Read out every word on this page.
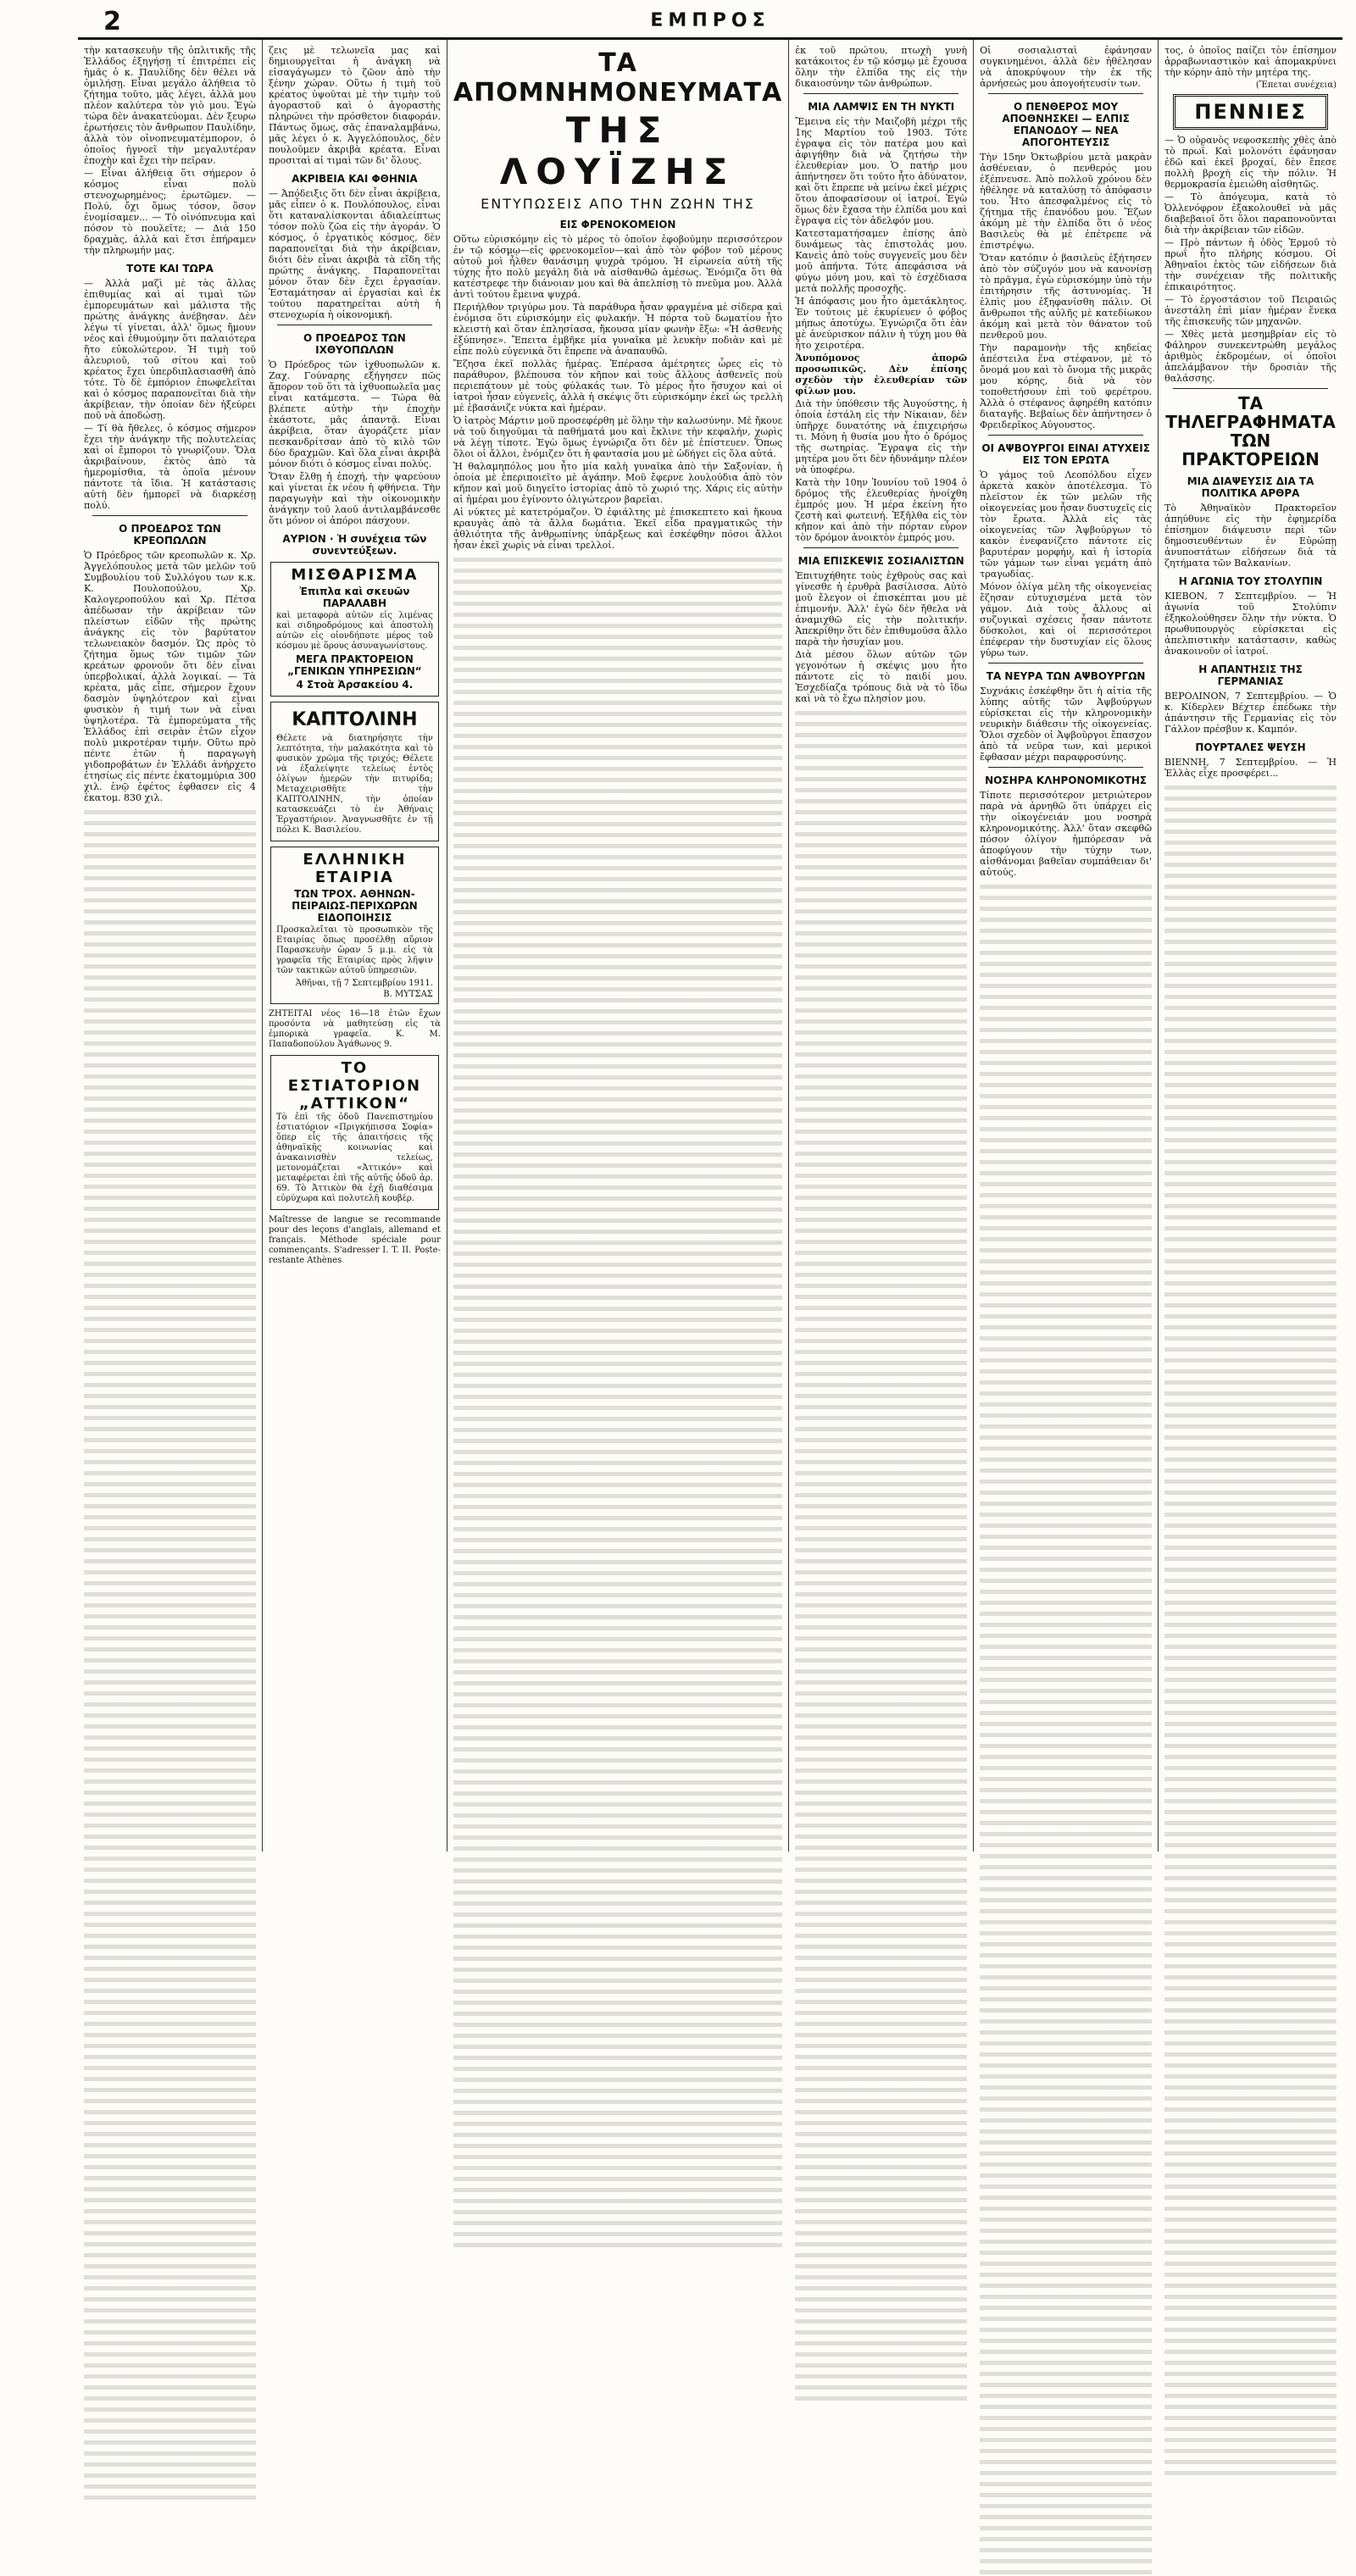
2	ΕΜΠΡΟΣ

τὴν κατασκευὴν τῆς ὁπλιτικῆς τῆς Ἑλλάδος ἐξηγήσῃ τί ἐπιτρέπει εἰς ἡμᾶς ὁ κ. Παυλίδης δὲν θέλει νὰ ὁμιλήσῃ. Εἶναι μεγάλο ἀλήθεια τὸ ζήτημα τοῦτο, μᾶς λέγει, ἀλλὰ μου πλέον καλύτερα τὸν γιὸ μου. Ἐγὼ τώρα δὲν ἀνακατεύομαι. Δὲν ξευρω ἐρωτήσεις τὸν ἄνθρωπον Παυλίδην, ἀλλὰ τὸν οἰνοπνευματέμπορον, ὁ ὁποῖος ἠγνοεῖ τὴν μεγαλυτέραν ἐποχὴν καὶ ἔχει τὴν πεῖραν.

— Εἶναι ἀλήθεια ὅτι σήμερον ὁ κόσμος εἶναι πολὺ στενοχωρημένος; ἐρωτῶμεν. — Πολύ, ὄχι ὅμως τόσον, ὅσον ἐνομίσαμεν... — Τὸ οἰνόπνευμα καὶ πόσον τὸ πουλεῖτε; — Διὰ 150 δραχμὰς, ἀλλὰ καὶ ἔτσι ἐπήραμεν τὴν πληρωμήν μας.

ΤΟΤΕ ΚΑΙ ΤΩΡΑ

— Ἀλλὰ μαζὶ μὲ τὰς ἄλλας ἐπιθυμίας καὶ αἱ τιμαὶ τῶν ἐμπορευμάτων καὶ μάλιστα τῆς πρώτης ἀνάγκης ἀνέβησαν. Δὲν λέγω τί γίνεται, ἀλλ' ὅμως ἤμουν νέος καὶ ἐθυμούμην ὅτι παλαιότερα ἤτο εὐκολώτερον. Ἡ τιμὴ τοῦ ἀλευριοῦ, τοῦ σίτου καὶ τοῦ κρέατος ἔχει ὑπερδιπλασιασθῆ ἀπὸ τότε. Τὸ δὲ ἐμπόριον ἐπωφελεῖται καὶ ὁ κόσμος παραπονεῖται διὰ τὴν ἀκρίβειαν, τὴν ὁποίαν δὲν ἠξεύρει ποῦ νὰ ἀποδώσῃ.

— Τί θὰ ἤθελες, ὁ κόσμος σήμερον ἔχει τὴν ἀνάγκην τῆς πολυτελείας καὶ οἱ ἔμποροι τὸ γνωρίζουν. Ὅλα ἀκριβαίνουν, ἐκτὸς ἀπὸ τὰ ἡμερομίσθια, τὰ ὁποῖα μένουν πάντοτε τὰ ἴδια. Ἡ κατάστασις αὐτὴ δὲν ἠμπορεῖ νὰ διαρκέσῃ πολύ.

Ο ΠΡΟΕΔΡΟΣ ΤΩΝ ΚΡΕΟΠΩΛΩΝ

Ὁ Πρόεδρος τῶν κρεοπωλῶν κ. Χρ. Ἀγγελόπουλος μετὰ τῶν μελῶν τοῦ Συμβουλίου τοῦ Συλλόγου των κ.κ. Κ. Πουλοπούλου, Χρ. Καλογεροπούλου καὶ Χρ. Πέτσα ἀπέδωσαν τὴν ἀκρίβειαν τῶν πλείστων εἰδῶν τῆς πρώτης ἀνάγκης εἰς τὸν βαρύτατον τελωνειακὸν δασμόν. Ὡς πρὸς τὸ ζήτημα ὅμως τῶν τιμῶν τῶν κρεάτων φρονοῦν ὅτι δὲν εἶναι ὑπερβολικαί, ἀλλὰ λογικαί. — Τὰ κρέατα, μᾶς εἶπε, σήμερον ἔχουν δασμὸν ὑψηλότερον καὶ εἶναι φυσικὸν ἡ τιμή των νὰ εἶναι ὑψηλοτέρα. Τὰ ἐμπορεύματα τῆς Ἑλλάδος ἐπὶ σειρὰν ἐτῶν εἶχον πολὺ μικροτέραν τιμήν. Οὕτω πρὸ πέντε ἐτῶν ἡ παραγωγὴ γιδοπροβάτων ἐν Ἑλλάδι ἀνήρχετο ἐτησίως εἰς πέντε ἑκατομμύρια 300 χιλ. ἐνῷ ἐφέτος ἐφθασεν εἰς 4 ἑκατομ. 830 χιλ.

ζεις μὲ τελωνεῖα μας καὶ δημιουργεῖται ἡ ἀνάγκη νὰ εἰσαγάγωμεν τὸ ζῶον ἀπὸ τὴν ξένην χώραν. Οὕτω ἡ τιμὴ τοῦ κρέατος ὑψοῦται μὲ τὴν τιμὴν τοῦ ἀγοραστοῦ καὶ ὁ ἀγοραστὴς πληρώνει τὴν πρόσθετον διαφοράν. Πάντως ὅμως, σᾶς ἐπαναλαμβάνω, μᾶς λέγει ὁ κ. Ἀγγελόπουλος, δὲν πουλοῦμεν ἀκριβὰ κρέατα. Εἶναι προσιταὶ αἱ τιμαὶ τῶν δι' ὅλους.

ΑΚΡΙΒΕΙΑ ΚΑΙ ΦΘΗΝΙΑ

— Ἀπόδειξις ὅτι δὲν εἶναι ἀκρίβεια, μᾶς εἶπεν ὁ κ. Πουλόπουλος, εἶναι ὅτι καταναλίσκονται ἀδιαλείπτως τόσον πολὺ ζῶα εἰς τὴν ἀγοράν. Ὁ κόσμος, ὁ ἐργατικὸς κόσμος, δὲν παραπονεῖται διὰ τὴν ἀκρίβειαν, διότι δὲν εἶναι ἀκριβὰ τὰ εἴδη τῆς πρώτης ἀνάγκης. Παραπονεῖται μόνον ὅταν δὲν ἔχει ἐργασίαν. Ἐσταμάτησαν αἱ ἐργασίαι καὶ ἐκ τούτου παρατηρεῖται αὐτὴ ἡ στενοχωρία ἡ οἰκονομική.

Ο ΠΡΟΕΔΡΟΣ ΤΩΝ ΙΧΘΥΟΠΩΛΩΝ

Ὁ Πρόεδρος τῶν ἰχθυοπωλῶν κ. Ζαχ. Γούναρης εξήγησεν πῶς ἄπορον τοῦ ὅτι τὰ ἰχθυοπωλεῖα μας εἶναι κατάμεστα. — Τώρα θὰ βλέπετε αὐτὴν τὴν ἐποχὴν ἐκάστοτε, μᾶς ἀπαντᾷ. Εἶναι ἀκρίβεια, ὅταν ἀγοράζετε μίαν πεσκανδρίτσαν ἀπὸ τὸ κιλὸ τῶν δύο δραχμῶν. Καὶ ὅλα εἶναι ἀκριβὰ μόνον διότι ὁ κόσμος εἶναι πολύς.

Ὅταν ἔλθῃ ἡ ἐποχή, τὴν ψαρεύουν καὶ γίνεται ἐκ νέου ἡ φθήνεια. Τὴν παραγωγὴν καὶ τὴν οἰκονομικὴν ἀνάγκην τοῦ λαοῦ ἀντιλαμβάνεσθε ὅτι μόνον οἱ ἀπόροι πάσχουν.

ΑΥΡΙΟΝ · Ἡ συνέχεια τῶν συνεντεύξεων.
ΜΙΣΘΑΡΙΣΜΑ
Ἐπιπλα καὶ σκευῶν ΠΑΡΑΛΑΒΗ

καὶ μεταφορὰ αὐτῶν εἰς λιμένας καὶ σιδηροδρόμους καὶ ἀποστολὴ αὐτῶν εἰς οἱονδήποτε μέρος τοῦ κόσμου μὲ ὅρους ἀσυναγωνίστους.

ΜΕΓΑ ΠΡΑΚΤΟΡΕΙΟΝ „ΓΕΝΙΚΩΝ ΥΠΗΡΕΣΙΩΝ“
4 Στοὰ Ἀρσακείου 4.
ΚΑΠΤΟΛΙΝΗ

Θέλετε νὰ διατηρήσητε τὴν λεπτότητα, τὴν μαλακότητα καὶ τὸ φυσικὸν χρῶμα τῆς τριχός; Θέλετε νὰ ἐξαλείψητε τελείως ἐντὸς ὀλίγων ἡμερῶν τὴν πιτυρίδα; Μεταχειρισθῆτε τὴν ΚΑΠΤΟΛΙΝΗΝ, τὴν ὁποίαν κατασκευάζει τὸ ἐν Ἀθήναις Ἐργαστήριον. Ἀναγνωσθῆτε ἐν τῇ πόλει Κ. Βασιλείου.

ΕΛΛΗΝΙΚΗ ΕΤΑΙΡΙΑ
ΤΩΝ ΤΡΟΧ. ΑΘΗΝΩΝ-ΠΕΙΡΑΙΩΣ-ΠΕΡΙΧΩΡΩΝ ΕΙΔΟΠΟΙΗΣΙΣ

Προσκαλεῖται τὸ προσωπικὸν τῆς Εταιρίας ὅπως προσέλθῃ αὔριον Παρασκευὴν ὥραν 5 μ.μ. εἰς τὰ γραφεῖα τῆς Εταιρίας πρὸς λῆψιν τῶν τακτικῶν αὐτοῦ ὑπηρεσιῶν.

Ἀθῆναι, τῇ 7 Σεπτεμβρίου 1911.
Β. ΜΥΤΣΑΣ

ΖΗΤΕΙΤΑΙ νέος 16—18 ἐτῶν ἔχων προσόντα νὰ μαθητεύσῃ εἰς τὰ ἐμπορικὰ γραφεῖα. Κ. Μ. Παπαδοπούλου Ἀγάθωνος 9.

ΤΟ ΕΣΤΙΑΤΟΡΙΟΝ „ΑΤΤΙΚΟΝ“

Τὸ ἐπὶ τῆς ὁδοῦ Πανεπιστημίου ἑστιατόριον «Πριγκήπισσα Σοφία» ὅπερ εἶς τῆς ἀπαιτήσεις τῆς ἀθηναϊκῆς κοινωνίας καὶ ἀνακαινισθὲν τελείως, μετονομάζεται «Ἀττικόν» καὶ μεταφέρεται ἐπὶ τῆς αὐτῆς ὁδοῦ ἀρ. 69. Τὸ Ἀττικὸν θὰ ἐχῇ διαθέσιμα εὐρύχωρα καὶ πολυτελῆ κουβέρ.

Maîtresse de langue se recommande pour des leçons d'anglais, allemand et français. Méthode spéciale pour commençants. S'adresser I. T. II. Poste-restante Athènes

ΤΑ ΑΠΟΜΝΗΜΟΝΕΥΜΑΤΑ
ΤΗΣ ΛΟΥΪΖΗΣ
ΕΝΤΥΠΩΣΕΙΣ ΑΠΟ ΤΗΝ ΖΩΗΝ ΤΗΣ
ΕΙΣ ΦΡΕΝΟΚΟΜΕΙΟΝ

Οὕτω εὑρισκόμην εἰς τὸ μέρος τὸ ὁποῖον ἐφοβούμην περισσότερον ἐν τῷ κόσμῳ—εἰς φρενοκομεῖον—καὶ ἀπὸ τὸν φόβον τοῦ μέρους αὐτοῦ μοὶ ἦλθεν θανάσιμη ψυχρὰ τρόμου. Ἡ εἰρωνεία αὐτὴ τῆς τύχης ἦτο πολὺ μεγάλη διὰ νὰ αἰσθανθῶ ἀμέσως. Ἐνόμιζα ὅτι θὰ κατέστρεφε τὴν διάνοιαν μου καὶ θὰ ἀπελπίσῃ τὸ πνεῦμα μου. Ἀλλὰ ἀντὶ τούτου ἔμεινα ψυχρά.

Περιήλθον τριγύρω μου. Τὰ παράθυρα ἦσαν φραγμένα μὲ σίδερα καὶ ἐνόμισα ὅτι εὑρισκόμην εἰς φυλακήν. Ἡ πόρτα τοῦ δωματίου ἦτο κλειστὴ καὶ ὅταν ἐπλησίασα, ἤκουσα μίαν φωνὴν ἔξω: «Ἡ ἀσθενὴς ἐξύπνησε». Ἔπειτα ἐμβῆκε μία γυναῖκα μὲ λευκὴν ποδιὰν καὶ μὲ εἶπε πολὺ εὐγενικὰ ὅτι ἔπρεπε νὰ ἀναπαυθῶ.

Ἔζησα ἐκεῖ πολλὰς ἡμέρας. Ἐπέρασα ἀμέτρητες ὧρες εἰς τὸ παράθυρον, βλέπουσα τὸν κῆπον καὶ τοὺς ἄλλους ἀσθενεῖς ποὺ περιεπάτουν μὲ τοὺς φύλακάς των. Τὸ μέρος ἦτο ἥσυχον καὶ οἱ ἰατροὶ ἦσαν εὐγενεῖς, ἀλλὰ ἡ σκέψις ὅτι εὑρισκόμην ἐκεῖ ὡς τρελλὴ μὲ ἐβασάνιζε νύκτα καὶ ἡμέραν.

Ὁ ἰατρὸς Μάρτιν μοῦ προσεφέρθη μὲ ὅλην τὴν καλωσύνην. Μὲ ἤκουε νὰ τοῦ διηγοῦμαι τὰ παθήματά μου καὶ ἔκλινε τὴν κεφαλήν, χωρὶς νὰ λέγῃ τίποτε. Ἐγὼ ὅμως ἐγνώριζα ὅτι δὲν μὲ ἐπίστευεν. Ὅπως ὅλοι οἱ ἄλλοι, ἐνόμιζεν ὅτι ἡ φαντασία μου μὲ ὡδήγει εἰς ὅλα αὐτά.

Ἡ θαλαμηπόλος μου ἦτο μία καλὴ γυναῖκα ἀπὸ τὴν Σαξονίαν, ἡ ὁποία μὲ ἐπεριποιεῖτο μὲ ἀγάπην. Μοῦ ἔφερνε λουλούδια ἀπὸ τὸν κῆπον καὶ μοῦ διηγεῖτο ἱστορίας ἀπὸ τὸ χωριό της. Χάρις εἰς αὐτὴν αἱ ἡμέραι μου ἐγίνοντο ὀλιγώτερον βαρεῖαι.

Αἱ νύκτες μὲ κατετρόμαζον. Ὁ ἐφιάλτης μὲ ἐπισκεπτετο καὶ ἤκουα κραυγὰς ἀπὸ τὰ ἄλλα δωμάτια. Ἐκεῖ εἶδα πραγματικῶς τὴν ἀθλιότητα τῆς ἀνθρωπίνης ὑπάρξεως καὶ ἐσκέφθην πόσοι ἄλλοι ἦσαν ἐκεῖ χωρὶς νὰ εἶναι τρελλοί.

ἐκ τοῦ πρώτου, πτωχὴ γυνὴ κατάκοιτος ἐν τῷ κόσμῳ μὲ ἔχουσα ὅλην τὴν ἐλπίδα της εἰς τὴν δικαιοσύνην τῶν ἀνθρώπων.

ΜΙΑ ΛΑΜΨΙΣ ΕΝ ΤΗ ΝΥΚΤΙ

Ἔμεινα εἰς τὴν Μαιζοβὴ μέχρι τῆς 1ης Μαρτίου τοῦ 1903. Τότε ἐγραψα εἰς τὸν πατέρα μου καὶ ἀφιγήθην διὰ νὰ ζητήσω τὴν ἐλευθερίαν μου. Ὁ πατήρ μου ἀπήντησεν ὅτι τοῦτο ἦτο ἀδύνατον, καὶ ὅτι ἔπρεπε νὰ μείνω ἐκεῖ μέχρις ὅτου ἀποφασίσουν οἱ ἰατροί. Ἐγὼ ὅμως δὲν ἔχασα τὴν ἐλπίδα μου καὶ ἔγραψα εἰς τὸν ἀδελφόν μου.

Κατεσταματήσαμεν ἐπίσης ἀπὸ δυνάμεως τὰς ἐπιστολάς μου. Κανεὶς ἀπὸ τοὺς συγγενεῖς μου δὲν μοῦ ἀπήντα. Τότε ἀπεφάσισα νὰ φύγω μόνη μου, καὶ τὸ ἐσχέδιασα μετὰ πολλῆς προσοχῆς.

Ἡ ἀπόφασις μου ἦτο ἀμετάκλητος. Ἐν τούτοις μὲ ἐκυρίευεν ὁ φόβος μήπως ἀποτύχω. Ἐγνώριζα ὅτι ἐὰν μὲ ἀνεύρισκον πάλιν ἡ τύχη μου θὰ ἦτο χειροτέρα.

Ἀνυπόμονος ἀπορῶ προσωπικῶς. Δὲν ἐπίσης σχεδὸν τὴν ἐλευθερίαν τῶν φίλων μου.

Διὰ τὴν ὑπόθεσιν τῆς Ἀυγούστης, ἡ ὁποία ἐστάλη εἰς τὴν Νίκαιαν, δὲν ὑπῆρχε δυνατότης νὰ ἐπιχειρήσω τι. Μόνη ἡ θυσία μου ἦτο ὁ δρόμος τῆς σωτηρίας. Ἔγραψα εἰς τὴν μητέρα μου ὅτι δὲν ἠδυνάμην πλέον νὰ ὑποφέρω.

Κατὰ τὴν 10ην Ἰουνίου τοῦ 1904 ὁ δρόμος τῆς ἐλευθερίας ἠνοίχθη ἐμπρός μου. Ἡ μέρα ἐκείνη ἦτο ζεστὴ καὶ φωτεινή. Ἐξῆλθα εἰς τὸν κῆπον καὶ ἀπὸ τὴν πόρταν εὗρον τὸν δρόμον ἀνοικτὸν ἐμπρός μου.

ΜΙΑ ΕΠΙΣΚΕΨΙΣ ΣΟΣΙΑΛΙΣΤΩΝ

Ἐπιτυχήθητε τοὺς ἐχθροὺς σας καὶ γίνεσθε ἡ ἐρυθρὰ βασίλισσα. Αὐτὸ μοῦ ἔλεγον οἱ ἐπισκέπται μου μὲ ἐπιμονήν. Ἀλλ' ἐγὼ δὲν ἤθελα νὰ ἀναμιχθῶ εἰς τὴν πολιτικήν. Ἀπεκρίθην ὅτι δὲν ἐπιθυμοῦσα ἄλλο παρὰ τὴν ἡσυχίαν μου.

Διὰ μέσου ὅλων αὐτῶν τῶν γεγονότων ἡ σκέψις μου ἦτο πάντοτε εἰς τὸ παιδί μου. Ἐσχεδίαζα τρόπους διὰ νὰ τὸ ἴδω καὶ νὰ τὸ ἔχω πλησίον μου.

Οἱ σοσιαλισταὶ ἐφάνησαν συγκινημένοι, ἀλλὰ δὲν ἠθέλησαν νὰ ἀποκρύψουν τὴν ἐκ τῆς ἀρνήσεώς μου ἀπογοήτευσίν των.

Ο ΠΕΝΘΕΡΟΣ ΜΟΥ ΑΠΟΘΝΗΣΚΕΙ — ΕΛΠΙΣ ΕΠΑΝΟΔΟΥ — ΝΕΑ ΑΠΟΓΟΗΤΕΥΣΙΣ

Τὴν 15ην Ὀκτωβρίου μετὰ μακρὰν ἀσθένειαν, ὁ πενθερός μου ἐξέπνευσε. Ἀπὸ πολλοῦ χρόνου δὲν ἠθέλησε νὰ καταλύσῃ τὸ ἀπόφασιν του. Ἦτο ἀπεσφαλμένος εἰς τὸ ζήτημα τῆς ἐπανόδου μου. Ἔζων ἀκόμη μὲ τὴν ἐλπίδα ὅτι ὁ νέος Βασιλεὺς θὰ μὲ ἐπέτρεπε νὰ ἐπιστρέψω.

Ὅταν κατόπιν ὁ βασιλεὺς ἐξήτησεν ἀπὸ τὸν σύζυγόν μου νὰ κανονίσῃ τὸ πρᾶγμα, ἐγὼ εὑρισκόμην ὑπὸ τὴν ἐπιτήρησιν τῆς ἀστυνομίας. Ἡ ἐλπὶς μου ἐξηφανίσθη πάλιν. Οἱ ἄνθρωποι τῆς αὐλῆς μὲ κατεδίωκον ἀκόμη καὶ μετὰ τὸν θάνατον τοῦ πενθεροῦ μου.

Τὴν παραμονὴν τῆς κηδείας ἀπέστειλα ἕνα στέφανον, μὲ τὸ ὄνομά μου καὶ τὸ ὄνομα τῆς μικρᾶς μου κόρης, διὰ νὰ τὸν τοποθετήσουν ἐπὶ τοῦ φερέτρου. Ἀλλὰ ὁ στέφανος ἀφηρέθη κατόπιν διαταγῆς. Βεβαίως δὲν ἀπήντησεν ὁ Φρειδερῖκος Αὐγουστος.

ΟΙ ΑΨΒΟΥΡΓΟΙ ΕΙΝΑΙ ΑΤΥΧΕΙΣ ΕΙΣ ΤΟΝ ΕΡΩΤΑ

Ὁ γάμος τοῦ Λεοπόλδου εἶχεν ἀρκετὰ κακὸν ἀποτέλεσμα. Τὸ πλεῖστον ἐκ τῶν μελῶν τῆς οἰκογενείας μου ἦσαν δυστυχεῖς εἰς τὸν ἔρωτα. Ἀλλὰ εἰς τὰς οἰκογενείας τῶν Ἀψβούργων τὸ κακὸν ἐνεφανίζετο πάντοτε εἰς βαρυτέραν μορφήν, καὶ ἡ ἱστορία τῶν γάμων των εἶναι γεμάτη ἀπὸ τραγωδίας.

Μόνον ὀλίγα μέλη τῆς οἰκογενείας ἔζησαν εὐτυχισμένα μετὰ τὸν γάμον. Διὰ τοὺς ἄλλους αἱ συζυγικαὶ σχέσεις ἦσαν πάντοτε δύσκολοι, καὶ οἱ περισσότεροι ἐπέφεραν τὴν δυστυχίαν εἰς ὅλους γύρω των.

ΤΑ ΝΕΥΡΑ ΤΩΝ ΑΨΒΟΥΡΓΩΝ

Συχνάκις ἐσκέφθην ὅτι ἡ αἰτία τῆς λύπης αὐτῆς τῶν Ἀψβούργων εὑρίσκεται εἰς τὴν κληρονομικὴν νευρικὴν διάθεσιν τῆς οἰκογενείας. Ὅλοι σχεδὸν οἱ Ἀψβοῦργοι ἔπασχον ἀπὸ τὰ νεῦρα των, καὶ μερικοὶ ἔφθασαν μέχρι παραφροσύνης.

ΝΟΣΗΡΑ ΚΛΗΡΟΝΟΜΙΚΟΤΗΣ

Τίποτε περισσότερον μετριώτερον παρὰ νὰ ἀρνηθῶ ὅτι ὑπάρχει εἰς τὴν οἰκογένειάν μου νοσηρὰ κληρονομικότης. Ἀλλ' ὅταν σκεφθῶ πόσον ὀλίγον ἠμπόρεσαν νὰ ἀποφύγουν τὴν τύχην των, αἰσθάνομαι βαθεῖαν συμπάθειαν δι' αὐτούς.

τος, ὁ ὁποῖος παίζει τὸν ἐπίσημον ἀρραβωνιαστικὸν καὶ ἀπομακρύνει τὴν κόρην ἀπὸ τὴν μητέρα της.

(Ἔπεται συνέχεια)
ΠΕΝΝΙΕΣ

— Ὁ οὐρανὸς νεφοσκεπὴς χθὲς ἀπὸ τὸ πρωΐ. Καὶ μολονότι ἐφάνησαν ἐδῶ καὶ ἐκεῖ βροχαί, δὲν ἔπεσε πολλὴ βροχὴ εἰς τὴν πόλιν. Ἡ θερμοκρασία ἐμειώθη αἰσθητῶς.

— Τὸ ἀπόγευμα, κατὰ τὸ Ὀλλενόφρον ἐξακολουθεῖ νὰ μᾶς διαβεβαιοῖ ὅτι ὅλοι παραπονοῦνται διὰ τὴν ἀκρίβειαν τῶν εἰδῶν.

— Πρὸ πάντων ἡ ὁδὸς Ἑρμοῦ τὸ πρωΐ ἦτο πλήρης κόσμου. Οἱ Ἀθηναῖοι ἐκτὸς τῶν εἰδήσεων διὰ τὴν συνέχειαν τῆς πολιτικῆς ἐπικαιρότητος.

— Τὸ ἐργοστάσιον τοῦ Πειραιῶς ἀνεστάλη ἐπὶ μίαν ἡμέραν ἕνεκα τῆς ἐπισκευῆς τῶν μηχανῶν.

— Χθὲς μετὰ μεσημβρίαν εἰς τὸ Φάληρον συνεκεντρώθη μεγάλος ἀριθμὸς ἐκδρομέων, οἱ ὁποῖοι ἀπελάμβανον τὴν δροσιὰν τῆς θαλάσσης.

ΤΑ ΤΗΛΕΓΡΑΦΗΜΑΤΑ ΤΩΝ ΠΡΑΚΤΟΡΕΙΩΝ
ΜΙΑ ΔΙΑΨΕΥΣΙΣ ΔΙΑ ΤΑ ΠΟΛΙΤΙΚΑ ΑΡΘΡΑ

Τὸ Ἀθηναϊκὸν Πρακτορεῖον ἀπηύθυνε εἰς τὴν ἐφημερίδα ἐπίσημον διάψευσιν περὶ τῶν δημοσιευθέντων ἐν Εὐρώπῃ ἀνυποστάτων εἰδήσεων διὰ τὰ ζητήματα τῶν Βαλκανίων.

Η ΑΓΩΝΙΑ ΤΟΥ ΣΤΟΛΥΠΙΝ

ΚΙΕΒΟΝ, 7 Σεπτεμβρίου. — Ἡ ἀγωνία τοῦ Στολύπιν ἐξηκολούθησεν ὅλην τὴν νύκτα. Ὁ πρωθυπουργὸς εὑρίσκεται εἰς ἀπελπιστικὴν κατάστασιν, καθὼς ἀνακοινοῦν οἱ ἰατροί.

Η ΑΠΑΝΤΗΣΙΣ ΤΗΣ ΓΕΡΜΑΝΙΑΣ

ΒΕΡΟΛΙΝΟΝ, 7 Σεπτεμβρίου. — Ὁ κ. Κίδερλεν Βέχτερ ἐπέδωκε τὴν ἀπάντησιν τῆς Γερμανίας εἰς τὸν Γάλλον πρέσβυν κ. Καμπόν.

ΠΟΥΡΤΑΛΕΣ ΨΕΥΣΗ

ΒΙΕΝΝΗ, 7 Σεπτεμβρίου. — Ἡ Ἑλλὰς εἶχε προσφέρει...
